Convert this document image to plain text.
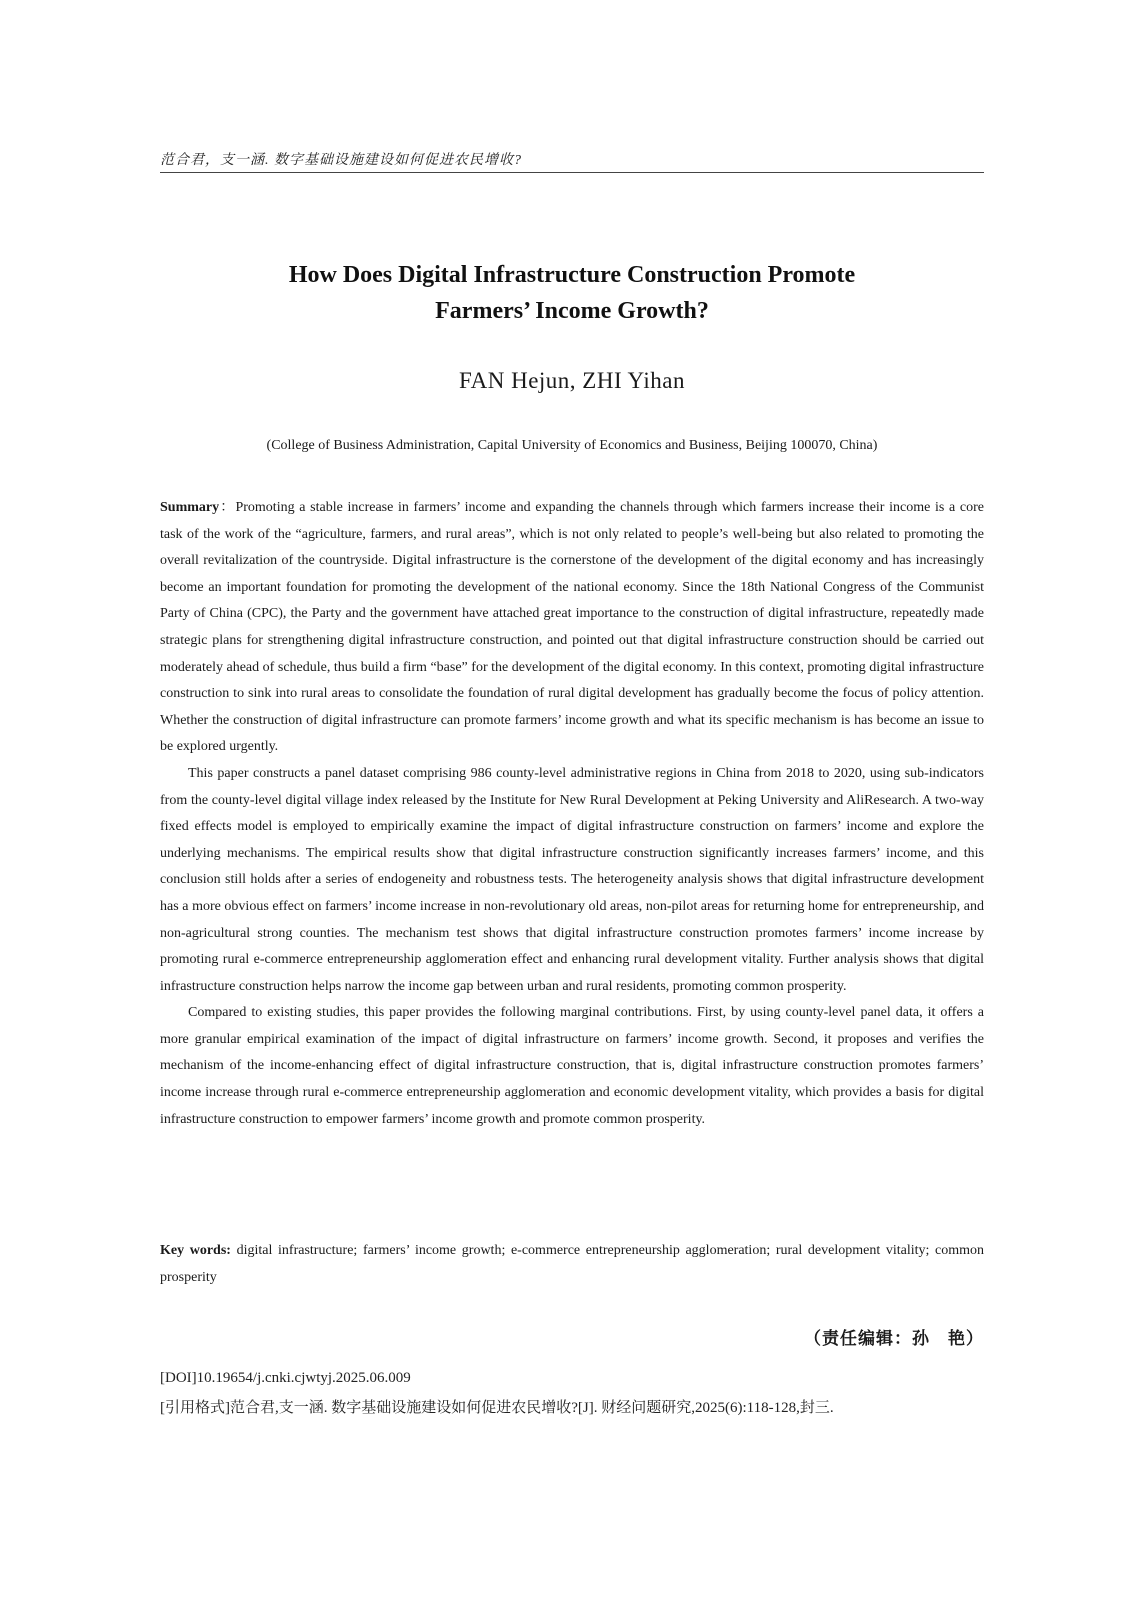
范合君，支一涵. 数字基础设施建设如何促进农民增收?
How Does Digital Infrastructure Construction Promote
Farmers’ Income Growth?
FAN Hejun, ZHI Yihan
(College of Business Administration, Capital University of Economics and Business, Beijing 100070, China)

Summary：Promoting a stable increase in farmers’ income and expanding the channels through which farmers increase their income is a core task of the work of the “agriculture, farmers, and rural areas”, which is not only related to people’s well-being but also related to promoting the overall revitalization of the countryside. Digital infrastructure is the cornerstone of the development of the digital economy and has increasingly become an important foundation for promoting the development of the national economy. Since the 18th National Congress of the Communist Party of China (CPC), the Party and the government have attached great importance to the construction of digital infrastructure, repeatedly made strategic plans for strengthening digital infrastructure construction, and pointed out that digital infrastructure construction should be carried out moderately ahead of schedule, thus build a firm “base” for the development of the digital economy. In this context, promoting digital infrastructure construction to sink into rural areas to consolidate the foundation of rural digital development has gradually become the focus of policy attention. Whether the construction of digital infrastructure can promote farmers’ income growth and what its specific mechanism is has become an issue to be explored urgently.

This paper constructs a panel dataset comprising 986 county-level administrative regions in China from 2018 to 2020, using sub-indicators from the county-level digital village index released by the Institute for New Rural Development at Peking University and AliResearch. A two-way fixed effects model is employed to empirically examine the impact of digital infrastructure construction on farmers’ income and explore the underlying mechanisms. The empirical results show that digital infrastructure construction significantly increases farmers’ income, and this conclusion still holds after a series of endogeneity and robustness tests. The heterogeneity analysis shows that digital infrastructure development has a more obvious effect on farmers’ income increase in non-revolutionary old areas, non-pilot areas for returning home for entrepreneurship, and non-agricultural strong counties. The mechanism test shows that digital infrastructure construction promotes farmers’ income increase by promoting rural e-commerce entrepreneurship agglomeration effect and enhancing rural development vitality. Further analysis shows that digital infrastructure construction helps narrow the income gap between urban and rural residents, promoting common prosperity.

Compared to existing studies, this paper provides the following marginal contributions. First, by using county-level panel data, it offers a more granular empirical examination of the impact of digital infrastructure on farmers’ income growth. Second, it proposes and verifies the mechanism of the income-enhancing effect of digital infrastructure construction, that is, digital infrastructure construction promotes farmers’ income increase through rural e-commerce entrepreneurship agglomeration and economic development vitality, which provides a basis for digital infrastructure construction to empower farmers’ income growth and promote common prosperity.

Key words: digital infrastructure; farmers’ income growth; e-commerce entrepreneurship agglomeration; rural development vitality; common prosperity
（责任编辑：孙　艳）
[DOI]10.19654/j.cnki.cjwtyj.2025.06.009
[引用格式]范合君,支一涵. 数字基础设施建设如何促进农民增收?[J]. 财经问题研究,2025(6):118-128,封三.
